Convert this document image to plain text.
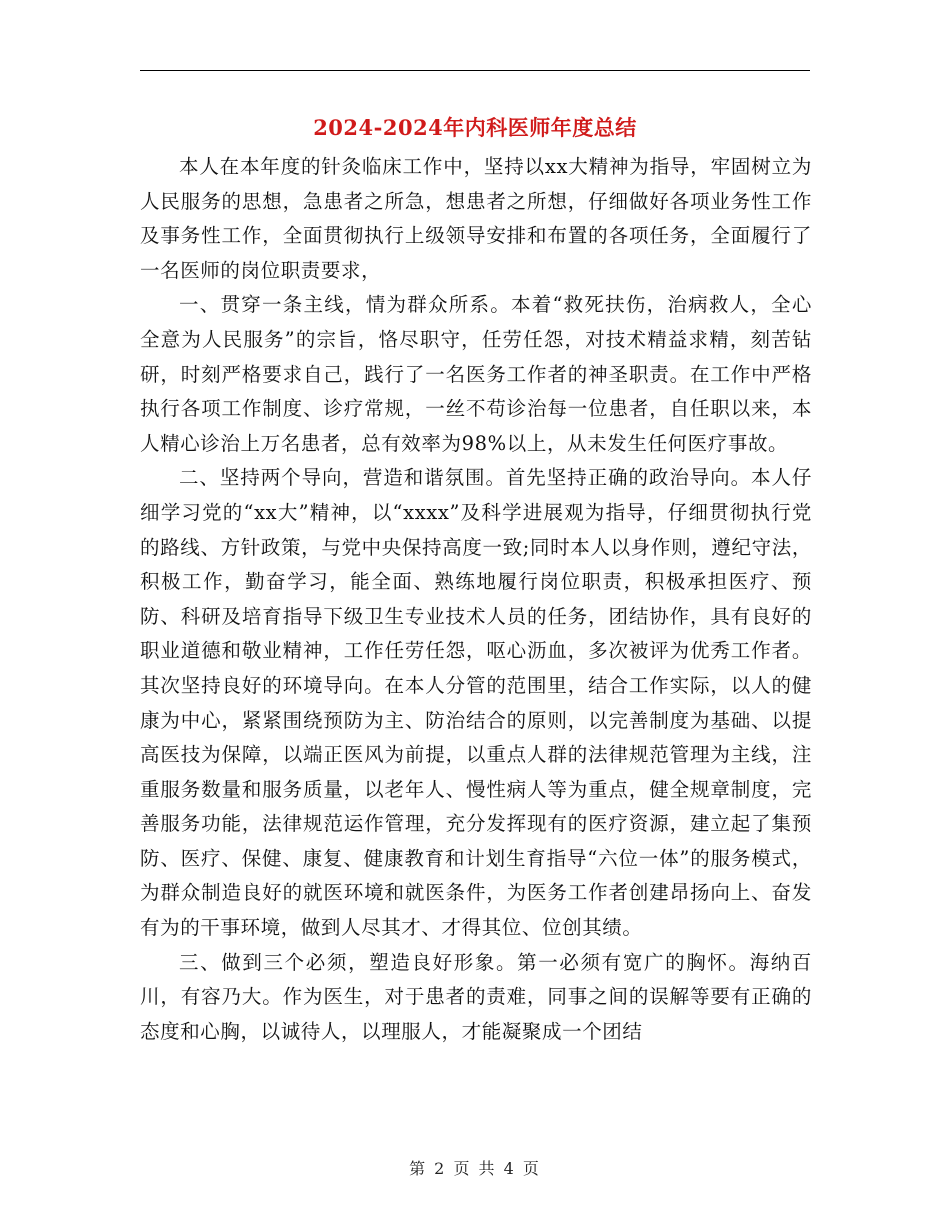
2024-2024年内科医师年度总结

本人在本年度的针灸临床工作中，坚持以xx大精神为指导，牢固树立为人民服务的思想，急患者之所急，想患者之所想，仔细做好各项业务性工作及事务性工作，全面贯彻执行上级领导安排和布置的各项任务，全面履行了一名医师的岗位职责要求，

一、贯穿一条主线，情为群众所系。本着“救死扶伤，治病救人，全心全意为人民服务”的宗旨，恪尽职守，任劳任怨，对技术精益求精，刻苦钻研，时刻严格要求自己，践行了一名医务工作者的神圣职责。在工作中严格执行各项工作制度、诊疗常规，一丝不苟诊治每一位患者，自任职以来，本人精心诊治上万名患者，总有效率为98%以上，从未发生任何医疗事故。

二、坚持两个导向，营造和谐氛围。首先坚持正确的政治导向。本人仔细学习党的“xx大”精神，以“xxxx”及科学进展观为指导，仔细贯彻执行党的路线、方针政策，与党中央保持高度一致;同时本人以身作则，遵纪守法，积极工作，勤奋学习，能全面、熟练地履行岗位职责，积极承担医疗、预防、科研及培育指导下级卫生专业技术人员的任务，团结协作，具有良好的职业道德和敬业精神，工作任劳任怨，呕心沥血，多次被评为优秀工作者。其次坚持良好的环境导向。在本人分管的范围里，结合工作实际，以人的健康为中心，紧紧围绕预防为主、防治结合的原则，以完善制度为基础、以提高医技为保障，以端正医风为前提，以重点人群的法律规范管理为主线，注重服务数量和服务质量，以老年人、慢性病人等为重点，健全规章制度，完善服务功能，法律规范运作管理，充分发挥现有的医疗资源，建立起了集预防、医疗、保健、康复、健康教育和计划生育指导“六位一体”的服务模式，为群众制造良好的就医环境和就医条件，为医务工作者创建昂扬向上、奋发有为的干事环境，做到人尽其才、才得其位、位创其绩。

三、做到三个必须，塑造良好形象。第一必须有宽广的胸怀。海纳百川，有容乃大。作为医生，对于患者的责难，同事之间的误解等要有正确的态度和心胸，以诚待人，以理服人，才能凝聚成一个团结

第 2 页 共 4 页
